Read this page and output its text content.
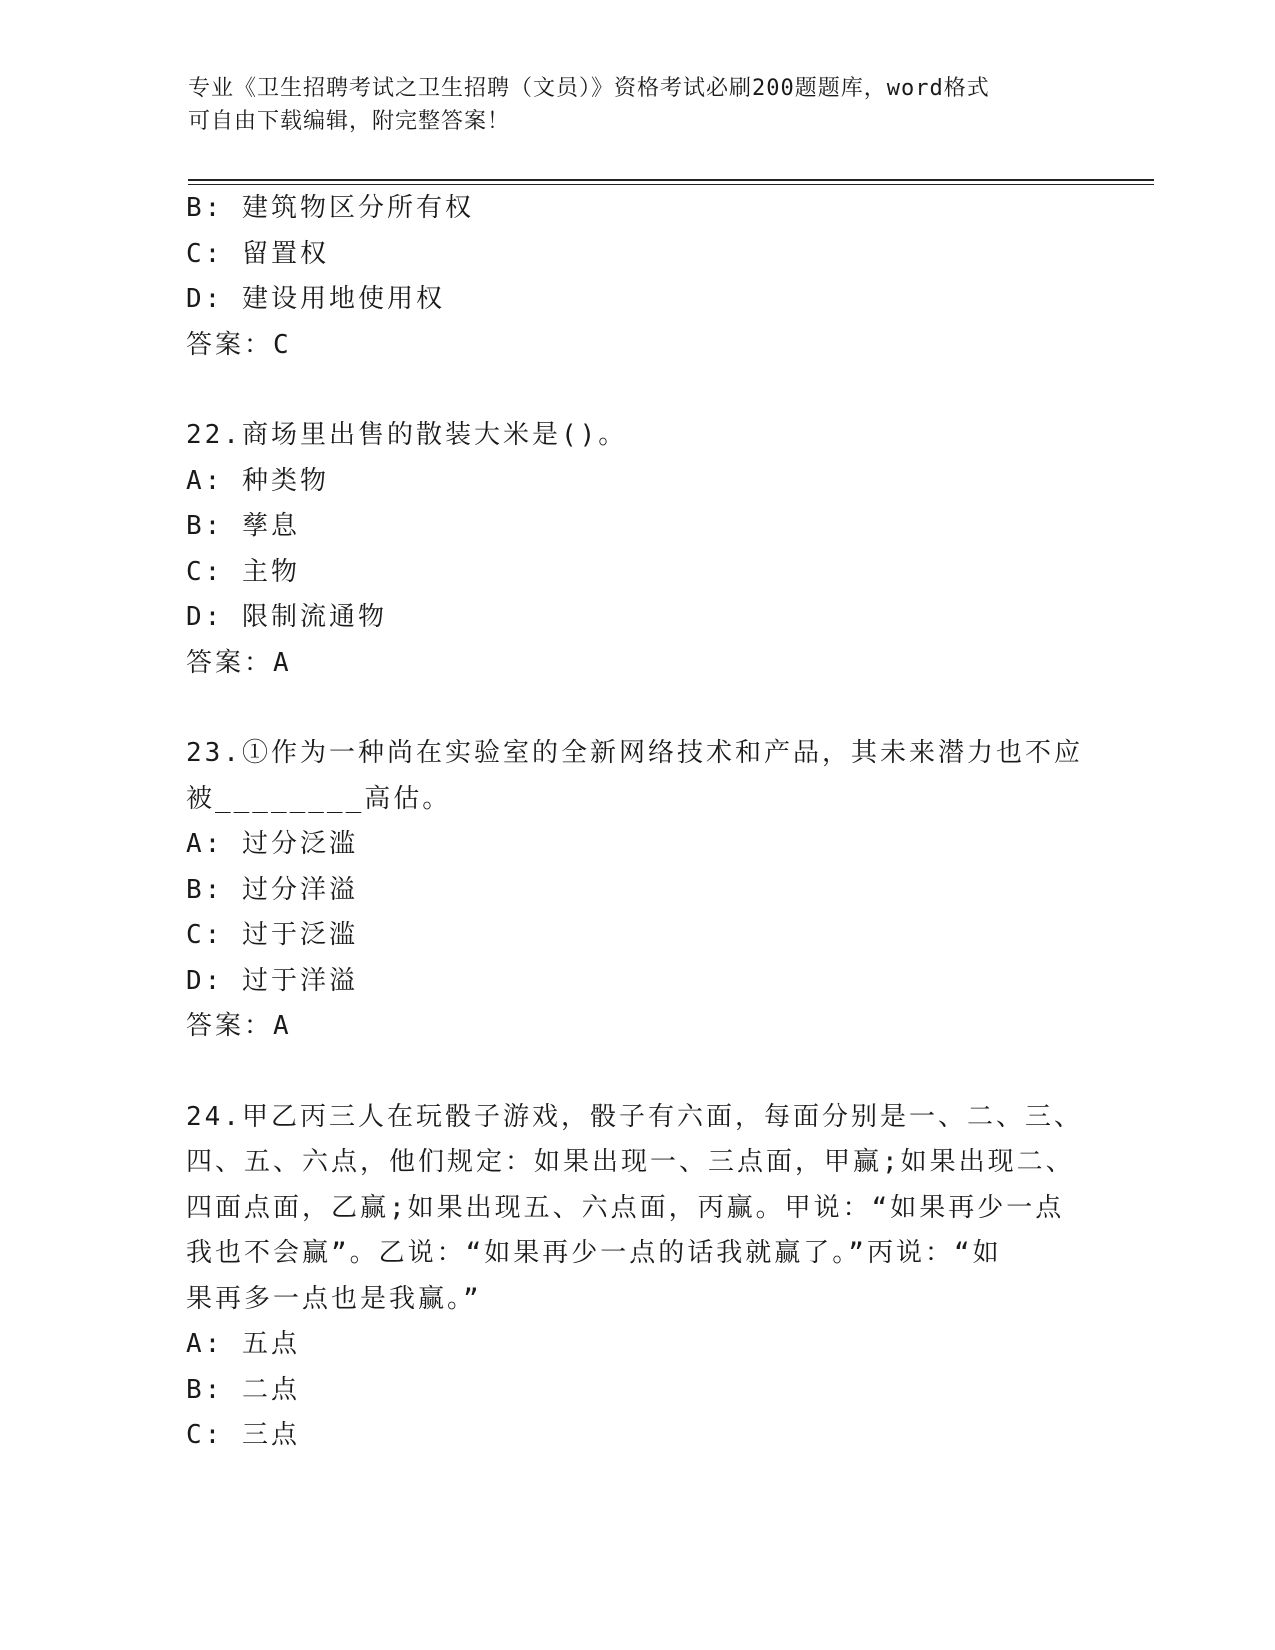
专业《卫生招聘考试之卫生招聘（文员）》资格考试必刷200题题库，word格式
可自由下载编辑，附完整答案！
B: 建筑物区分所有权
C: 留置权
D: 建设用地使用权
答案：C
22.商场里出售的散装大米是()。
A: 种类物
B: 孳息
C: 主物
D: 限制流通物
答案：A
23.①作为一种尚在实验室的全新网络技术和产品，其未来潜力也不应
被________高估。
A: 过分泛滥
B: 过分洋溢
C: 过于泛滥
D: 过于洋溢
答案：A
24.甲乙丙三人在玩骰子游戏，骰子有六面，每面分别是一、二、三、
四、五、六点，他们规定：如果出现一、三点面，甲赢;如果出现二、
四面点面，乙赢;如果出现五、六点面，丙赢。甲说：“如果再少一点
我也不会赢”。乙说：“如果再少一点的话我就赢了。”丙说：“如
果再多一点也是我赢。”
A: 五点
B: 二点
C: 三点
